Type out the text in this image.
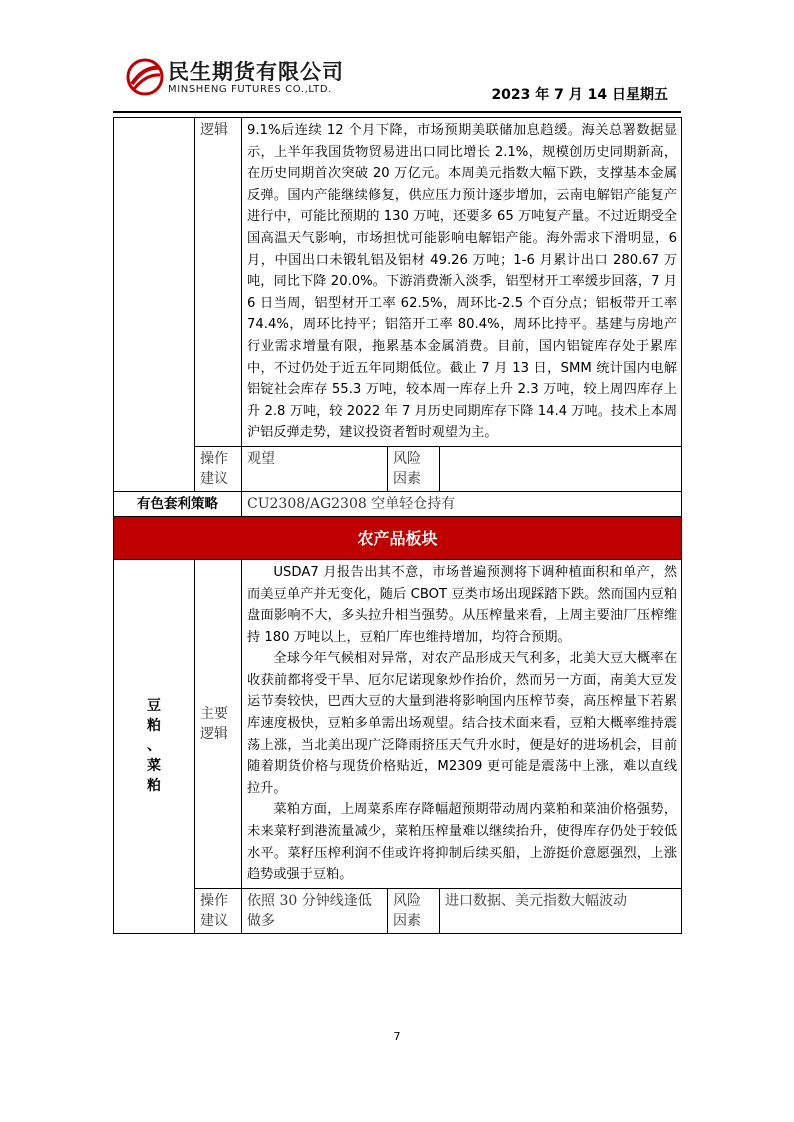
民生期货有限公司
MINSHENG FUTURES CO.,LTD.	2023 年 7 月 14 日星期五
	逻辑	9.1%后连续 12 个月下降，市场预期美联储加息趋缓。海关总署数据显示，上半年我国货物贸易进出口同比增长 2.1%，规模创历史同期新高，在历史同期首次突破 20 万亿元。本周美元指数大幅下跌，支撑基本金属反弹。国内产能继续修复，供应压力预计逐步增加，云南电解铝产能复产进行中，可能比预期的 130 万吨，还要多 65 万吨复产量。不过近期受全国高温天气影响，市场担忧可能影响电解铝产能。海外需求下滑明显，6 月，中国出口未锻轧铝及铝材 49.26 万吨；1-6 月累计出口 280.67 万吨，同比下降 20.0%。下游消费渐入淡季，铝型材开工率缓步回落，7 月 6 日当周，铝型材开工率 62.5%，周环比-2.5 个百分点；铝板带开工率 74.4%，周环比持平；铝箔开工率 80.4%，周环比持平。基建与房地产行业需求增量有限，拖累基本金属消费。目前，国内铝锭库存处于累库中，不过仍处于近五年同期低位。截止 7 月 13 日，SMM 统计国内电解铝锭社会库存 55.3 万吨，较本周一库存上升 2.3 万吨，较上周四库存上升 2.8 万吨，较 2022 年 7 月历史同期库存下降 14.4 万吨。技术上本周沪铝反弹走势，建议投资者暂时观望为主。		

	操作建议	观望	风险因素	
有色套利策略		CU2308/AG2308 空单轻仓持有		
农产品板块				

豆粕、菜粕	主要逻辑	USDA7 月报告出其不意，市场普遍预测将下调种植面积和单产，然而美豆单产并无变化，随后 CBOT 豆类市场出现踩踏下跌。然而国内豆粕盘面影响不大，多头拉升相当强势。从压榨量来看，上周主要油厂压榨维持 180 万吨以上，豆粕厂库也维持增加，均符合预期。

全球今年气候相对异常，对农产品形成天气利多，北美大豆大概率在收获前都将受干旱、厄尔尼诺现象炒作抬价，然而另一方面，南美大豆发运节奏较快，巴西大豆的大量到港将影响国内压榨节奏，高压榨量下若累库速度极快，豆粕多单需出场观望。结合技术面来看，豆粕大概率维持震荡上涨，当北美出现广泛降雨挤压天气升水时，便是好的进场机会，目前随着期货价格与现货价格贴近，M2309 更可能是震荡中上涨，难以直线拉升。

菜粕方面，上周菜系库存降幅超预期带动周内菜粕和菜油价格强势，未来菜籽到港流量减少，菜粕压榨量难以继续抬升，使得库存仍处于较低水平。菜籽压榨利润不佳或许将抑制后续买船，上游挺价意愿强烈，上涨趋势或强于豆粕。		

	操作建议	依照 30 分钟线逢低做多	风险因素	进口数据、美元指数大幅波动
7
